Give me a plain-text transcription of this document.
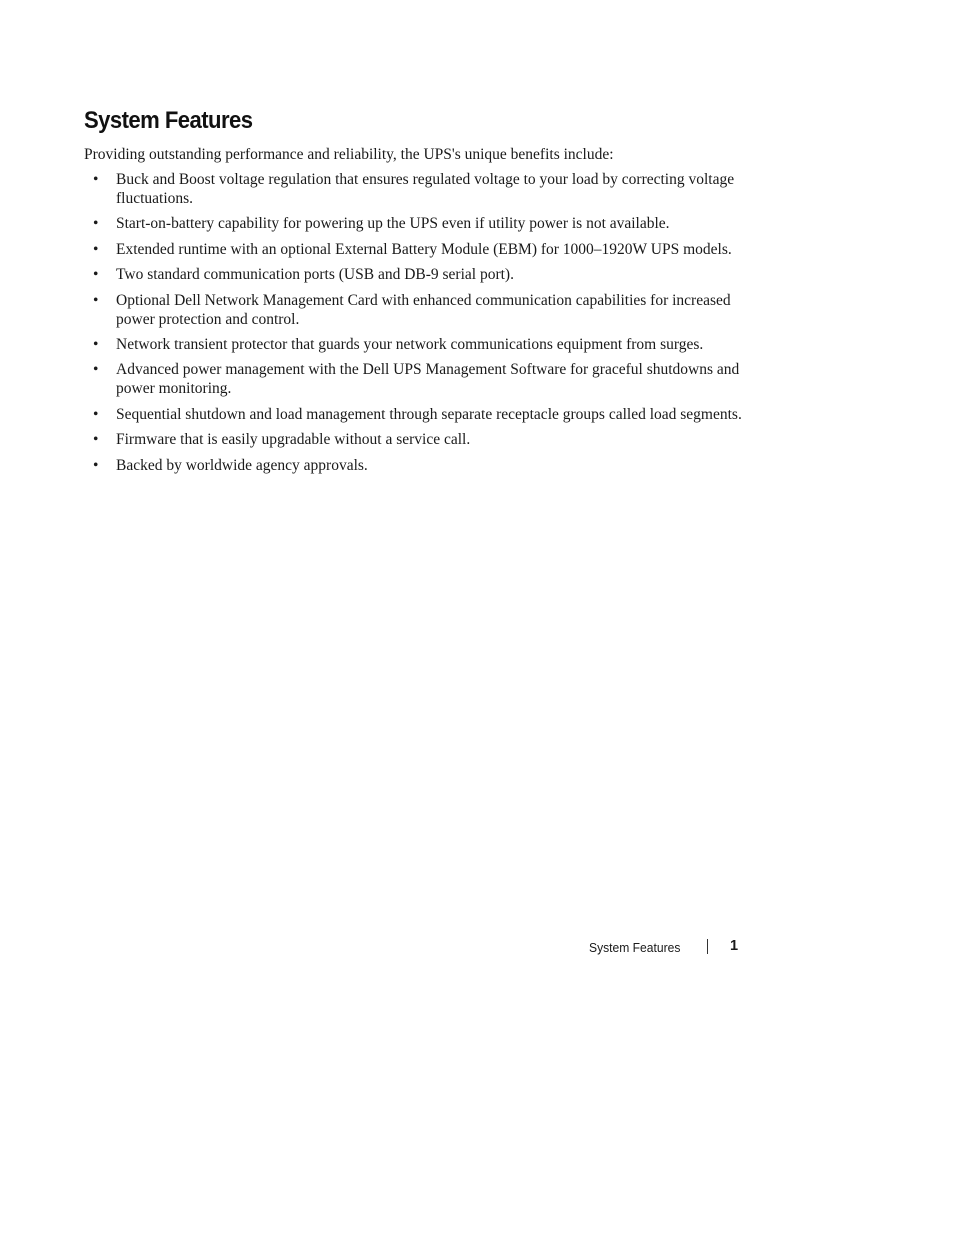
System Features

Providing outstanding performance and reliability, the UPS's unique benefits include:

• Buck and Boost voltage regulation that ensures regulated voltage to your load by correcting voltage fluctuations.
• Start-on-battery capability for powering up the UPS even if utility power is not available.
• Extended runtime with an optional External Battery Module (EBM) for 1000–1920W UPS models.
• Two standard communication ports (USB and DB-9 serial port).
• Optional Dell Network Management Card with enhanced communication capabilities for increased power protection and control.
• Network transient protector that guards your network communications equipment from surges.
• Advanced power management with the Dell UPS Management Software for graceful shutdowns and power monitoring.
• Sequential shutdown and load management through separate receptacle groups called load segments.
• Firmware that is easily upgradable without a service call.
• Backed by worldwide agency approvals.
System Features	1
